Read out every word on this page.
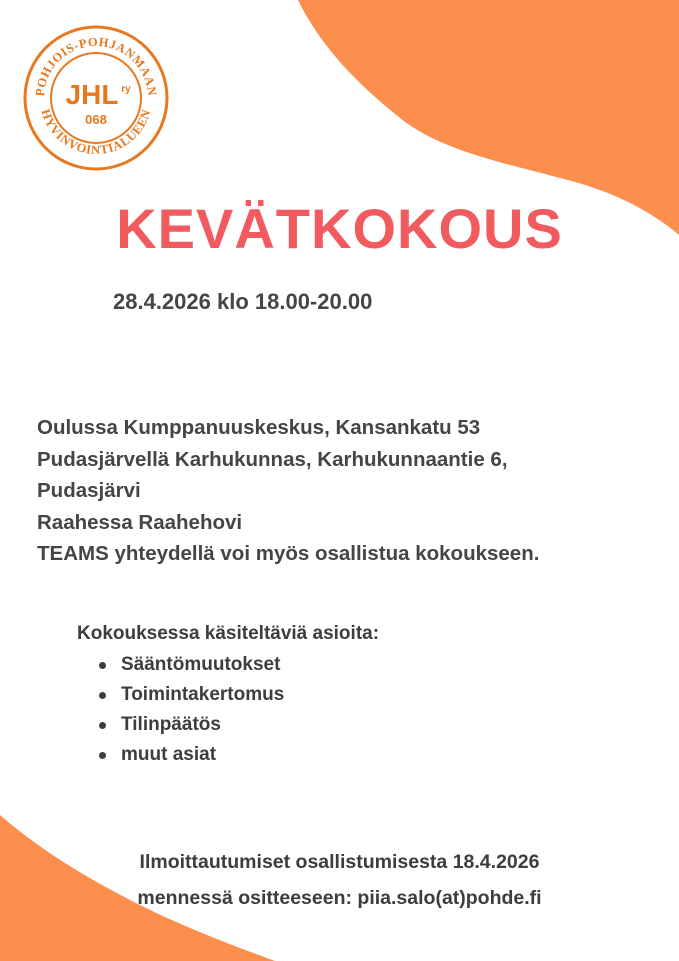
POHJOIS-POHJANMAAN
HYVINVOINTIALUEEN
JHL ry
068
KEVÄTKOKOUS
28.4.2026 klo 18.00-20.00
Oulussa Kumppanuuskeskus, Kansankatu 53
Pudasjärvellä Karhukunnas, Karhukunnaantie 6,
Pudasjärvi
Raahessa Raahehovi
TEAMS yhteydellä voi myös osallistua kokoukseen.
Kokouksessa käsiteltäviä asioita:
Sääntömuutokset
Toimintakertomus
Tilinpäätös
muut asiat
Ilmoittautumiset osallistumisesta 18.4.2026
mennessä ositteeseen: piia.salo(at)pohde.fi
